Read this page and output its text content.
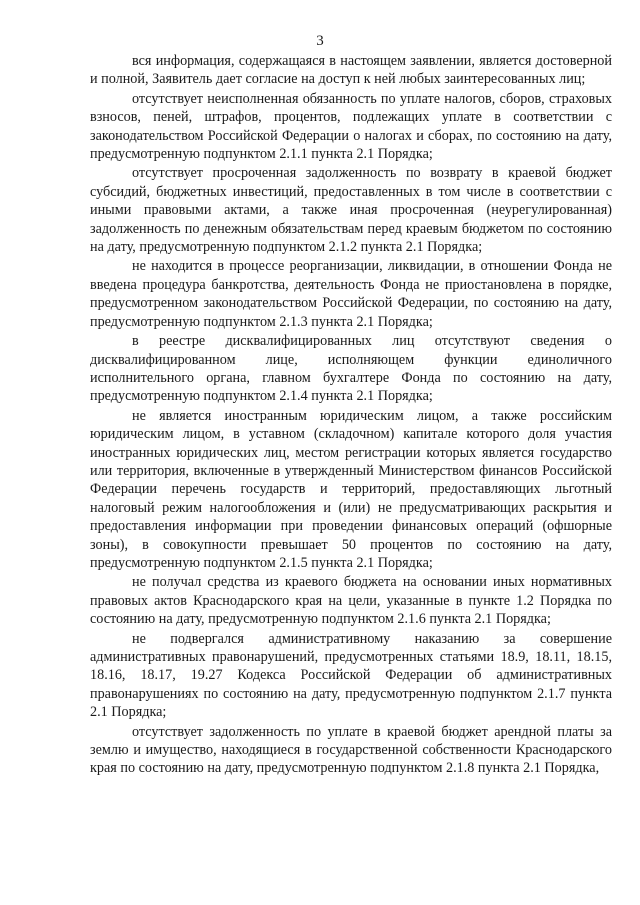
3

вся информация, содержащаяся в настоящем заявлении, является достоверной и полной, Заявитель дает согласие на доступ к ней любых заинтересованных лиц;

отсутствует неисполненная обязанность по уплате налогов, сборов, страховых взносов, пеней, штрафов, процентов, подлежащих уплате в соответствии с законодательством Российской Федерации о налогах и сборах, по состоянию на дату, предусмотренную подпунктом 2.1.1 пункта 2.1 Порядка;

отсутствует просроченная задолженность по возврату в краевой бюджет субсидий, бюджетных инвестиций, предоставленных в том числе в соответствии с иными правовыми актами, а также иная просроченная (неурегулированная) задолженность по денежным обязательствам перед краевым бюджетом по состоянию на дату, предусмотренную подпунктом 2.1.2 пункта 2.1 Порядка;

не находится в процессе реорганизации, ликвидации, в отношении Фонда не введена процедура банкротства, деятельность Фонда не приостановлена в порядке, предусмотренном законодательством Российской Федерации, по состоянию на дату, предусмотренную подпунктом 2.1.3 пункта 2.1 Порядка;

в реестре дисквалифицированных лиц отсутствуют сведения о дисквалифицированном лице, исполняющем функции единоличного исполнительного органа, главном бухгалтере Фонда по состоянию на дату, предусмотренную подпунктом 2.1.4 пункта 2.1 Порядка;

не является иностранным юридическим лицом, а также российским юридическим лицом, в уставном (складочном) капитале которого доля участия иностранных юридических лиц, местом регистрации которых является государство или территория, включенные в утвержденный Министерством финансов Российской Федерации перечень государств и территорий, предоставляющих льготный налоговый режим налогообложения и (или) не предусматривающих раскрытия и предоставления информации при проведении финансовых операций (офшорные зоны), в совокупности превышает 50 процентов по состоянию на дату, предусмотренную подпунктом 2.1.5 пункта 2.1 Порядка;

не получал средства из краевого бюджета на основании иных нормативных правовых актов Краснодарского края на цели, указанные в пункте 1.2 Порядка по состоянию на дату, предусмотренную подпунктом 2.1.6 пункта 2.1 Порядка;

не подвергался административному наказанию за совершение административных правонарушений, предусмотренных статьями 18.9, 18.11, 18.15, 18.16, 18.17, 19.27 Кодекса Российской Федерации об административных правонарушениях по состоянию на дату, предусмотренную подпунктом 2.1.7 пункта 2.1 Порядка;

отсутствует задолженность по уплате в краевой бюджет арендной платы за землю и имущество, находящиеся в государственной собственности Краснодарского края по состоянию на дату, предусмотренную подпунктом 2.1.8 пункта 2.1 Порядка,
